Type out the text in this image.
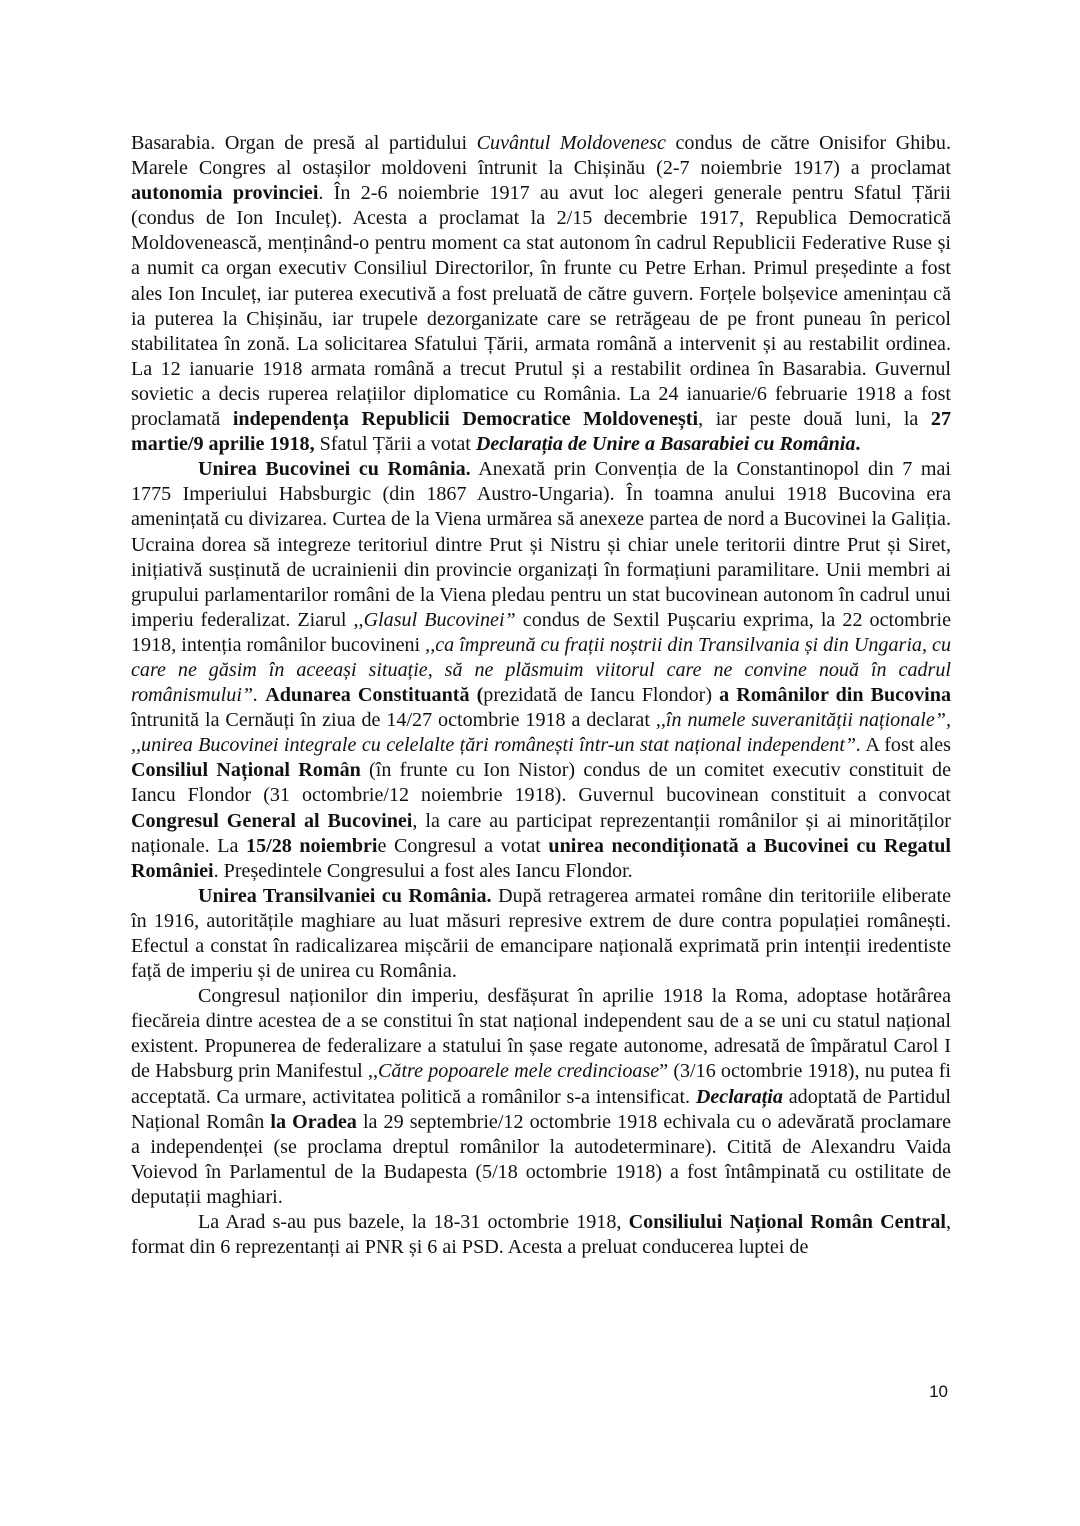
Basarabia. Organ de presă al partidului Cuvântul Moldovenesc condus de către Onisifor Ghibu. Marele Congres al ostașilor moldoveni întrunit la Chișinău (2-7 noiembrie 1917) a proclamat autonomia provinciei. În 2-6 noiembrie 1917 au avut loc alegeri generale pentru Sfatul Țării (condus de Ion Inculeț). Acesta a proclamat la 2/15 decembrie 1917, Republica Democratică Moldovenească, menținând-o pentru moment ca stat autonom în cadrul Republicii Federative Ruse și a numit ca organ executiv Consiliul Directorilor, în frunte cu Petre Erhan. Primul președinte a fost ales Ion Inculeț, iar puterea executivă a fost preluată de către guvern. Forțele bolșevice amenințau că ia puterea la Chișinău, iar trupele dezorganizate care se retrăgeau de pe front puneau în pericol stabilitatea în zonă. La solicitarea Sfatului Țării, armata română a intervenit și au restabilit ordinea. La 12 ianuarie 1918 armata română a trecut Prutul și a restabilit ordinea în Basarabia. Guvernul sovietic a decis ruperea relațiilor diplomatice cu România. La 24 ianuarie/6 februarie 1918 a fost proclamată independența Republicii Democratice Moldovenești, iar peste două luni, la 27 martie/9 aprilie 1918, Sfatul Țării a votat Declarația de Unire a Basarabiei cu România.

Unirea Bucovinei cu România. Anexată prin Convenția de la Constantinopol din 7 mai 1775 Imperiului Habsburgic (din 1867 Austro-Ungaria). În toamna anului 1918 Bucovina era amenințată cu divizarea. Curtea de la Viena urmărea să anexeze partea de nord a Bucovinei la Galiția. Ucraina dorea să integreze teritoriul dintre Prut și Nistru și chiar unele teritorii dintre Prut și Siret, inițiativă susținută de ucrainienii din provincie organizați în formațiuni paramilitare. Unii membri ai grupului parlamentarilor români de la Viena pledau pentru un stat bucovinean autonom în cadrul unui imperiu federalizat. Ziarul ,,Glasul Bucovinei” condus de Sextil Pușcariu exprima, la 22 octombrie 1918, intenția românilor bucovineni ,,ca împreună cu frații noștrii din Transilvania și din Ungaria, cu care ne găsim în aceeași situație, să ne plăsmuim viitorul care ne convine nouă în cadrul românismului”. Adunarea Constituantă (prezidată de Iancu Flondor) a Românilor din Bucovina întrunită la Cernăuți în ziua de 14/27 octombrie 1918 a declarat ,,în numele suveranității naționale”, ,,unirea Bucovinei integrale cu celelalte țări românești într-un stat național independent”. A fost ales Consiliul Național Român (în frunte cu Ion Nistor) condus de un comitet executiv constituit de Iancu Flondor (31 octombrie/12 noiembrie 1918). Guvernul bucovinean constituit a convocat Congresul General al Bucovinei, la care au participat reprezentanții românilor și ai minorităților naționale. La 15/28 noiembrie Congresul a votat unirea necondiționată a Bucovinei cu Regatul României. Președintele Congresului a fost ales Iancu Flondor.

Unirea Transilvaniei cu România. După retragerea armatei române din teritoriile eliberate în 1916, autoritățile maghiare au luat măsuri represive extrem de dure contra populației românești. Efectul a constat în radicalizarea mișcării de emancipare națională exprimată prin intenții iredentiste față de imperiu și de unirea cu România.

Congresul naționilor din imperiu, desfășurat în aprilie 1918 la Roma, adoptase hotărârea fiecăreia dintre acestea de a se constitui în stat național independent sau de a se uni cu statul național existent. Propunerea de federalizare a statului în șase regate autonome, adresată de împăratul Carol I de Habsburg prin Manifestul ,,Către popoarele mele credincioase” (3/16 octombrie 1918), nu putea fi acceptată. Ca urmare, activitatea politică a românilor s-a intensificat. Declarația adoptată de Partidul Național Român la Oradea la 29 septembrie/12 octombrie 1918 echivala cu o adevărată proclamare a independenței (se proclama dreptul românilor la autodeterminare). Citită de Alexandru Vaida Voievod în Parlamentul de la Budapesta (5/18 octombrie 1918) a fost întâmpinată cu ostilitate de deputații maghiari.

La Arad s-au pus bazele, la 18-31 octombrie 1918, Consiliului Național Român Central, format din 6 reprezentanți ai PNR și 6 ai PSD. Acesta a preluat conducerea luptei de

10
